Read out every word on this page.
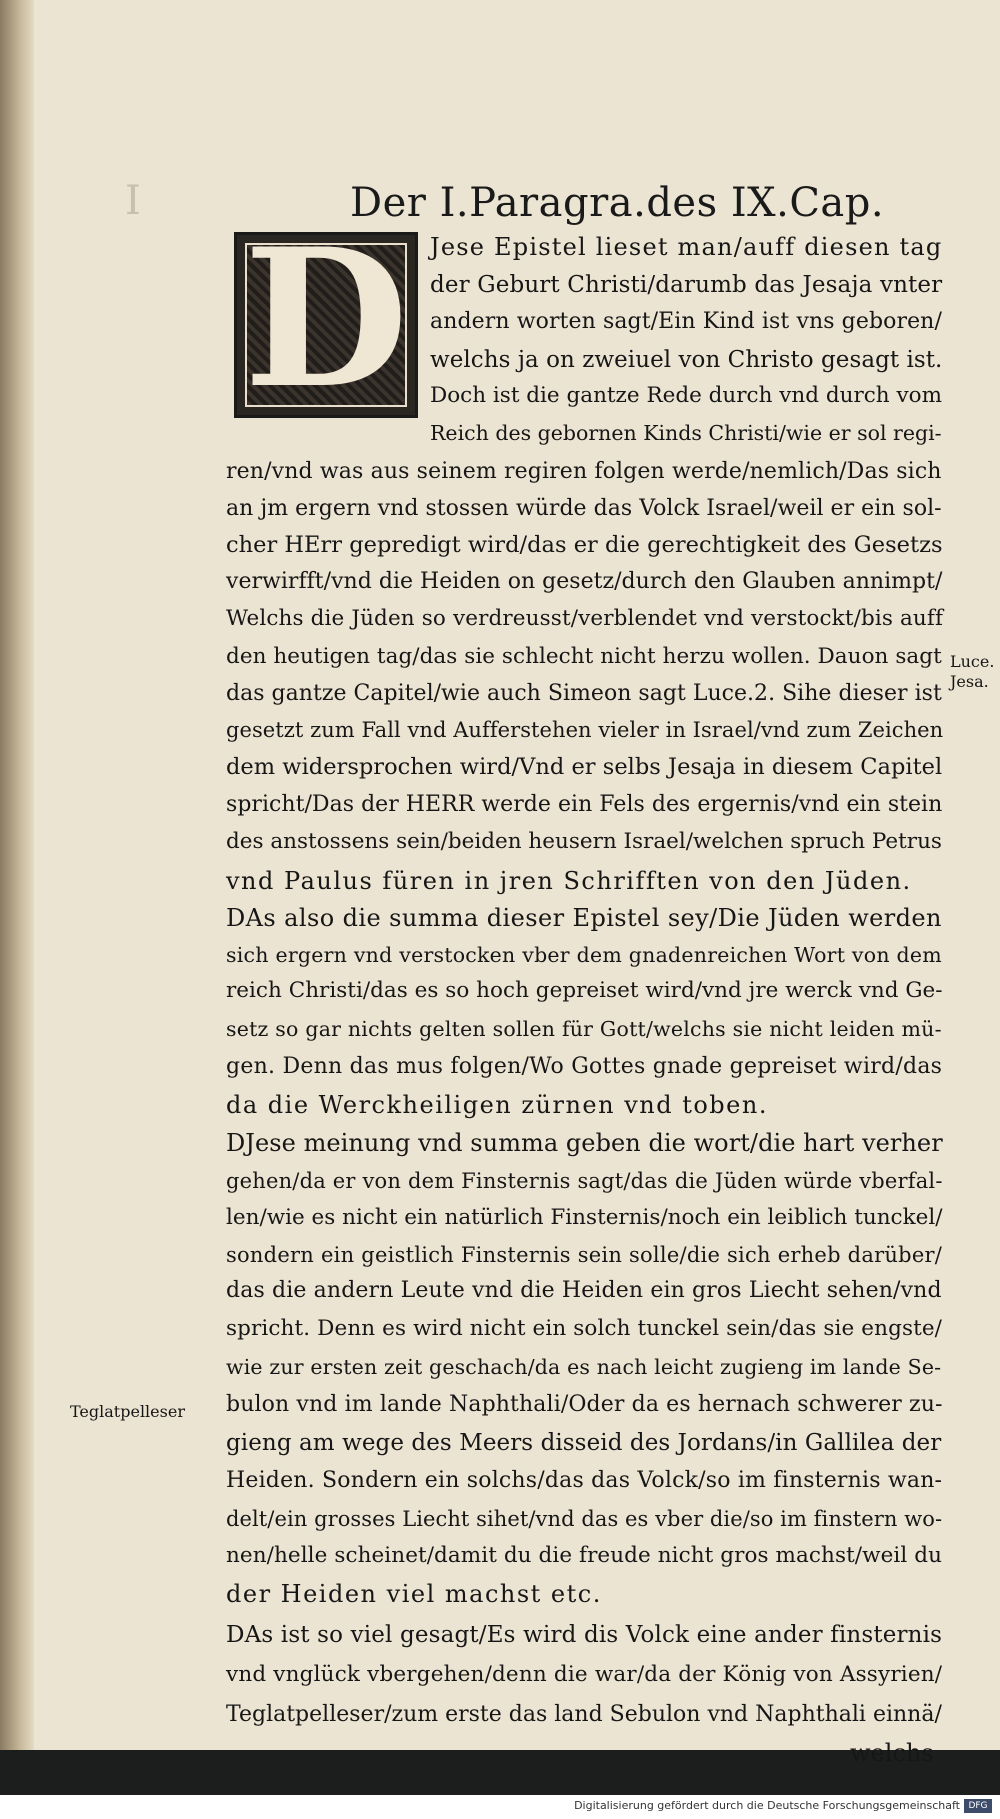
I	Der I.Paragra.des IX.Cap.
D Jese Epistel lieset man/auff diesen tag
der Geburt Christi/darumb das Jesaja vnter
andern worten sagt/Ein Kind ist vns geboren/
welchs ja on zweiuel von Christo gesagt ist.
Doch ist die gantze Rede durch vnd durch vom
Reich des gebornen Kinds Christi/wie er sol regi-
ren/vnd was aus seinem regiren folgen werde/nemlich/Das sich
an jm ergern vnd stossen würde das Volck Israel/weil er ein sol-
cher HErr gepredigt wird/das er die gerechtigkeit des Gesetzs
verwirfft/vnd die Heiden on gesetz/durch den Glauben annimpt/
Welchs die Jüden so verdreusst/verblendet vnd verstockt/bis auff
den heutigen tag/das sie schlecht nicht herzu wollen. Dauon sagt
das gantze Capitel/wie auch Simeon sagt Luce.2. Sihe dieser ist
gesetzt zum Fall vnd Aufferstehen vieler in Israel/vnd zum Zeichen
dem widersprochen wird/Vnd er selbs Jesaja in diesem Capitel
spricht/Das der HERR werde ein Fels des ergernis/vnd ein stein
des anstossens sein/beiden heusern Israel/welchen spruch Petrus
vnd Paulus füren in jren Schrifften von den Jüden.
DAs also die summa dieser Epistel sey/Die Jüden werden
sich ergern vnd verstocken vber dem gnadenreichen Wort von dem
reich Christi/das es so hoch gepreiset wird/vnd jre werck vnd Ge-
setz so gar nichts gelten sollen für Gott/welchs sie nicht leiden mü-
gen. Denn das mus folgen/Wo Gottes gnade gepreiset wird/das
da die Werckheiligen zürnen vnd toben.
DJese meinung vnd summa geben die wort/die hart verher
gehen/da er von dem Finsternis sagt/das die Jüden würde vberfal-
len/wie es nicht ein natürlich Finsternis/noch ein leiblich tunckel/
sondern ein geistlich Finsternis sein solle/die sich erheb darüber/
das die andern Leute vnd die Heiden ein gros Liecht sehen/vnd
spricht. Denn es wird nicht ein solch tunckel sein/das sie engste/
wie zur ersten zeit geschach/da es nach leicht zugieng im lande Se-
bulon vnd im lande Naphthali/Oder da es hernach schwerer zu-
gieng am wege des Meers disseid des Jordans/in Gallilea der
Heiden. Sondern ein solchs/das das Volck/so im finsternis wan-
delt/ein grosses Liecht sihet/vnd das es vber die/so im finstern wo-
nen/helle scheinet/damit du die freude nicht gros machst/weil du
der Heiden viel machst etc.
DAs ist so viel gesagt/Es wird dis Volck eine ander finsternis
vnd vnglück vbergehen/denn die war/da der König von Assyrien/
Teglatpelleser/zum erste das land Sebulon vnd Naphthali einnä/
welchs
Luce.
Jesa.
Teglatpelleser
Digitalisierung gefördert durch die Deutsche Forschungsgemeinschaft DFG
